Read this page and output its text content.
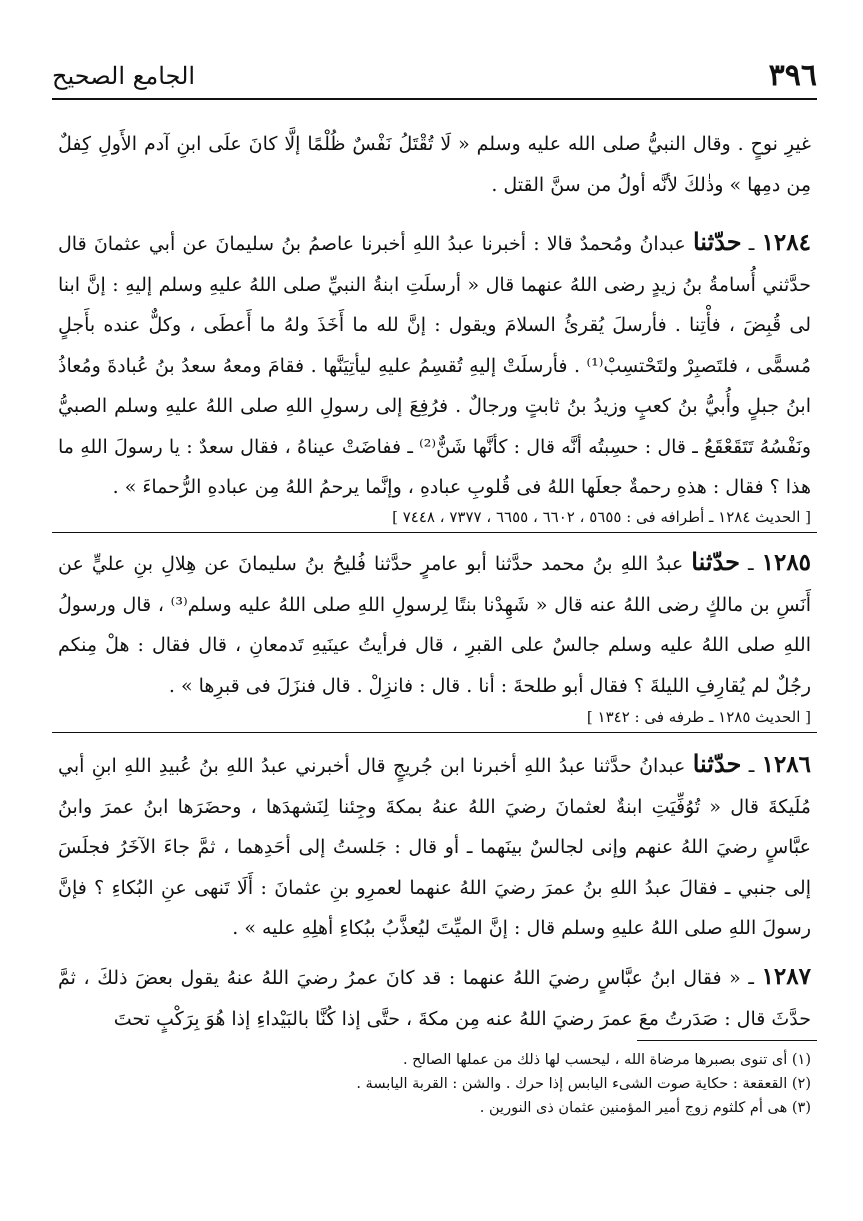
٣٩٦
الجامع الصحيح
غيرِ نوحٍ . وقال النبيُّ صلى الله عليه وسلم « لَا تُقْتَلُ نَفْسٌ ظُلْمًا إلَّا كانَ علَى ابنِ آدم الأَولِ كِفلٌ مِن دمِها » وذٰلكَ لأنَّه أولُ من سنَّ القتل .
١٢٨٤ ـ حدّثنا عبدانُ ومُحمدٌ قالا : أخبرنا عبدُ اللهِ أخبرنا عاصمُ بنُ سليمانَ عن أبي عثمانَ قال حدَّثني أُسامةُ بنُ زيدٍ رضى اللهُ عنهما قال « أرسلَتِ ابنةُ النبيِّ صلى اللهُ عليهِ وسلم إليهِ : إنَّ ابنا لى قُبِضَ ، فأْتِنا . فأرسلَ يُقرئُ السلامَ ويقول : إنَّ لله ما أَخَذَ ولهُ ما أَعطَى ، وكلٌّ عنده بأَجلٍ مُسمًّى ، فلتَصبِرْ ولتَحْتسِبْ⁽¹⁾ . فأرسلَتْ إليهِ تُقسِمُ عليهِ ليأتِيَنَّها . فقامَ ومعهُ سعدُ بنُ عُبادةَ ومُعاذُ ابنُ جبلٍ وأُبيُّ بنُ كعبٍ وزيدُ بنُ ثابتٍ ورجالٌ . فرُفِعَ إلى رسولِ اللهِ صلى اللهُ عليهِ وسلم الصبيُّ ونَفْسُهُ تَتَقَعْقَعُ ـ قال : حسِبتُه أنَّه قال : كأنَّها شَنٌّ⁽²⁾ ـ ففاضَتْ عيناهُ ، فقال سعدٌ : يا رسولَ اللهِ ما هذا ؟ فقال : هذهِ رحمةٌ جعلَها اللهُ فى قُلوبِ عبادهِ ، وإنَّما يرحمُ اللهُ مِن عبادهِ الرُّحماءَ » .
[ الحديث ١٢٨٤ ـ أطرافه فى : ٥٦٥٥ ، ٦٦٠٢ ، ٦٦٥٥ ، ٧٣٧٧ ، ٧٤٤٨ ]
١٢٨٥ ـ حدّثنا عبدُ اللهِ بنُ محمد حدَّثنا أبو عامرٍ حدَّثنا فُليحُ بنُ سليمانَ عن هِلالِ بنِ عليٍّ عن أَنَسِ بن مالكٍ رضى اللهُ عنه قال « شَهِدْنا بنتًا لِرسولِ اللهِ صلى اللهُ عليه وسلم⁽³⁾ ، قال ورسولُ اللهِ صلى اللهُ عليه وسلم جالسٌ على القبرِ ، قال فرأيتُ عينَيهِ تَدمعانِ ، قال فقال : هلْ مِنكم رجُلٌ لم يُقارِفِ الليلةَ ؟ فقال أبو طلحةَ : أنا . قال : فانزِلْ . قال فنزَلَ فى قبرِها » .
[ الحديث ١٢٨٥ ـ طرفه فى : ١٣٤٢ ]
١٢٨٦ ـ حدّثنا عبدانُ حدَّثنا عبدُ اللهِ أخبرنا ابن جُريجٍ قال أخبرني عبدُ اللهِ بنُ عُبيدِ اللهِ ابنِ أبي مُلَيكةَ قال « تُوُفِّيَتِ ابنةٌ لعثمانَ رضيَ اللهُ عنهُ بمكةَ وجِئنا لِنَشهدَها ، وحضَرَها ابنُ عمرَ وابنُ عبَّاسٍ رضيَ اللهُ عنهم وإنى لجالسٌ بينَهما ـ أو قال : جَلستُ إلى أحَدِهما ، ثمَّ جاءَ الآخَرُ فجلَسَ إلى جنبي ـ فقالَ عبدُ اللهِ بنُ عمرَ رضيَ اللهُ عنهما لعمرِو بنِ عثمانَ : أَلَا تَنهى عنِ البُكاءِ ؟ فإنَّ رسولَ اللهِ صلى اللهُ عليهِ وسلم قال : إنَّ الميِّتَ ليُعذَّبُ ببُكاءِ أهلِهِ عليه » .
١٢٨٧ ـ « فقال ابنُ عبَّاسٍ رضيَ اللهُ عنهما : قد كانَ عمرُ رضيَ اللهُ عنهُ يقول بعضَ ذلكَ ، ثمَّ حدَّثَ قال : صَدَرتُ معَ عمرَ رضيَ اللهُ عنه مِن مكةَ ، حتَّى إذا كُنَّا بالبَيْداءِ إذا هُوَ بِرَكْبٍ تحتَ
(١) أى تنوى بصبرها مرضاة الله ، ليحسب لها ذلك من عملها الصالح .
(٢) القعقعة : حكاية صوت الشىء اليابس إذا حرك . والشن : القربة اليابسة .
(٣) هى أم كلثوم زوج أمير المؤمنين عثمان ذى النورين .
